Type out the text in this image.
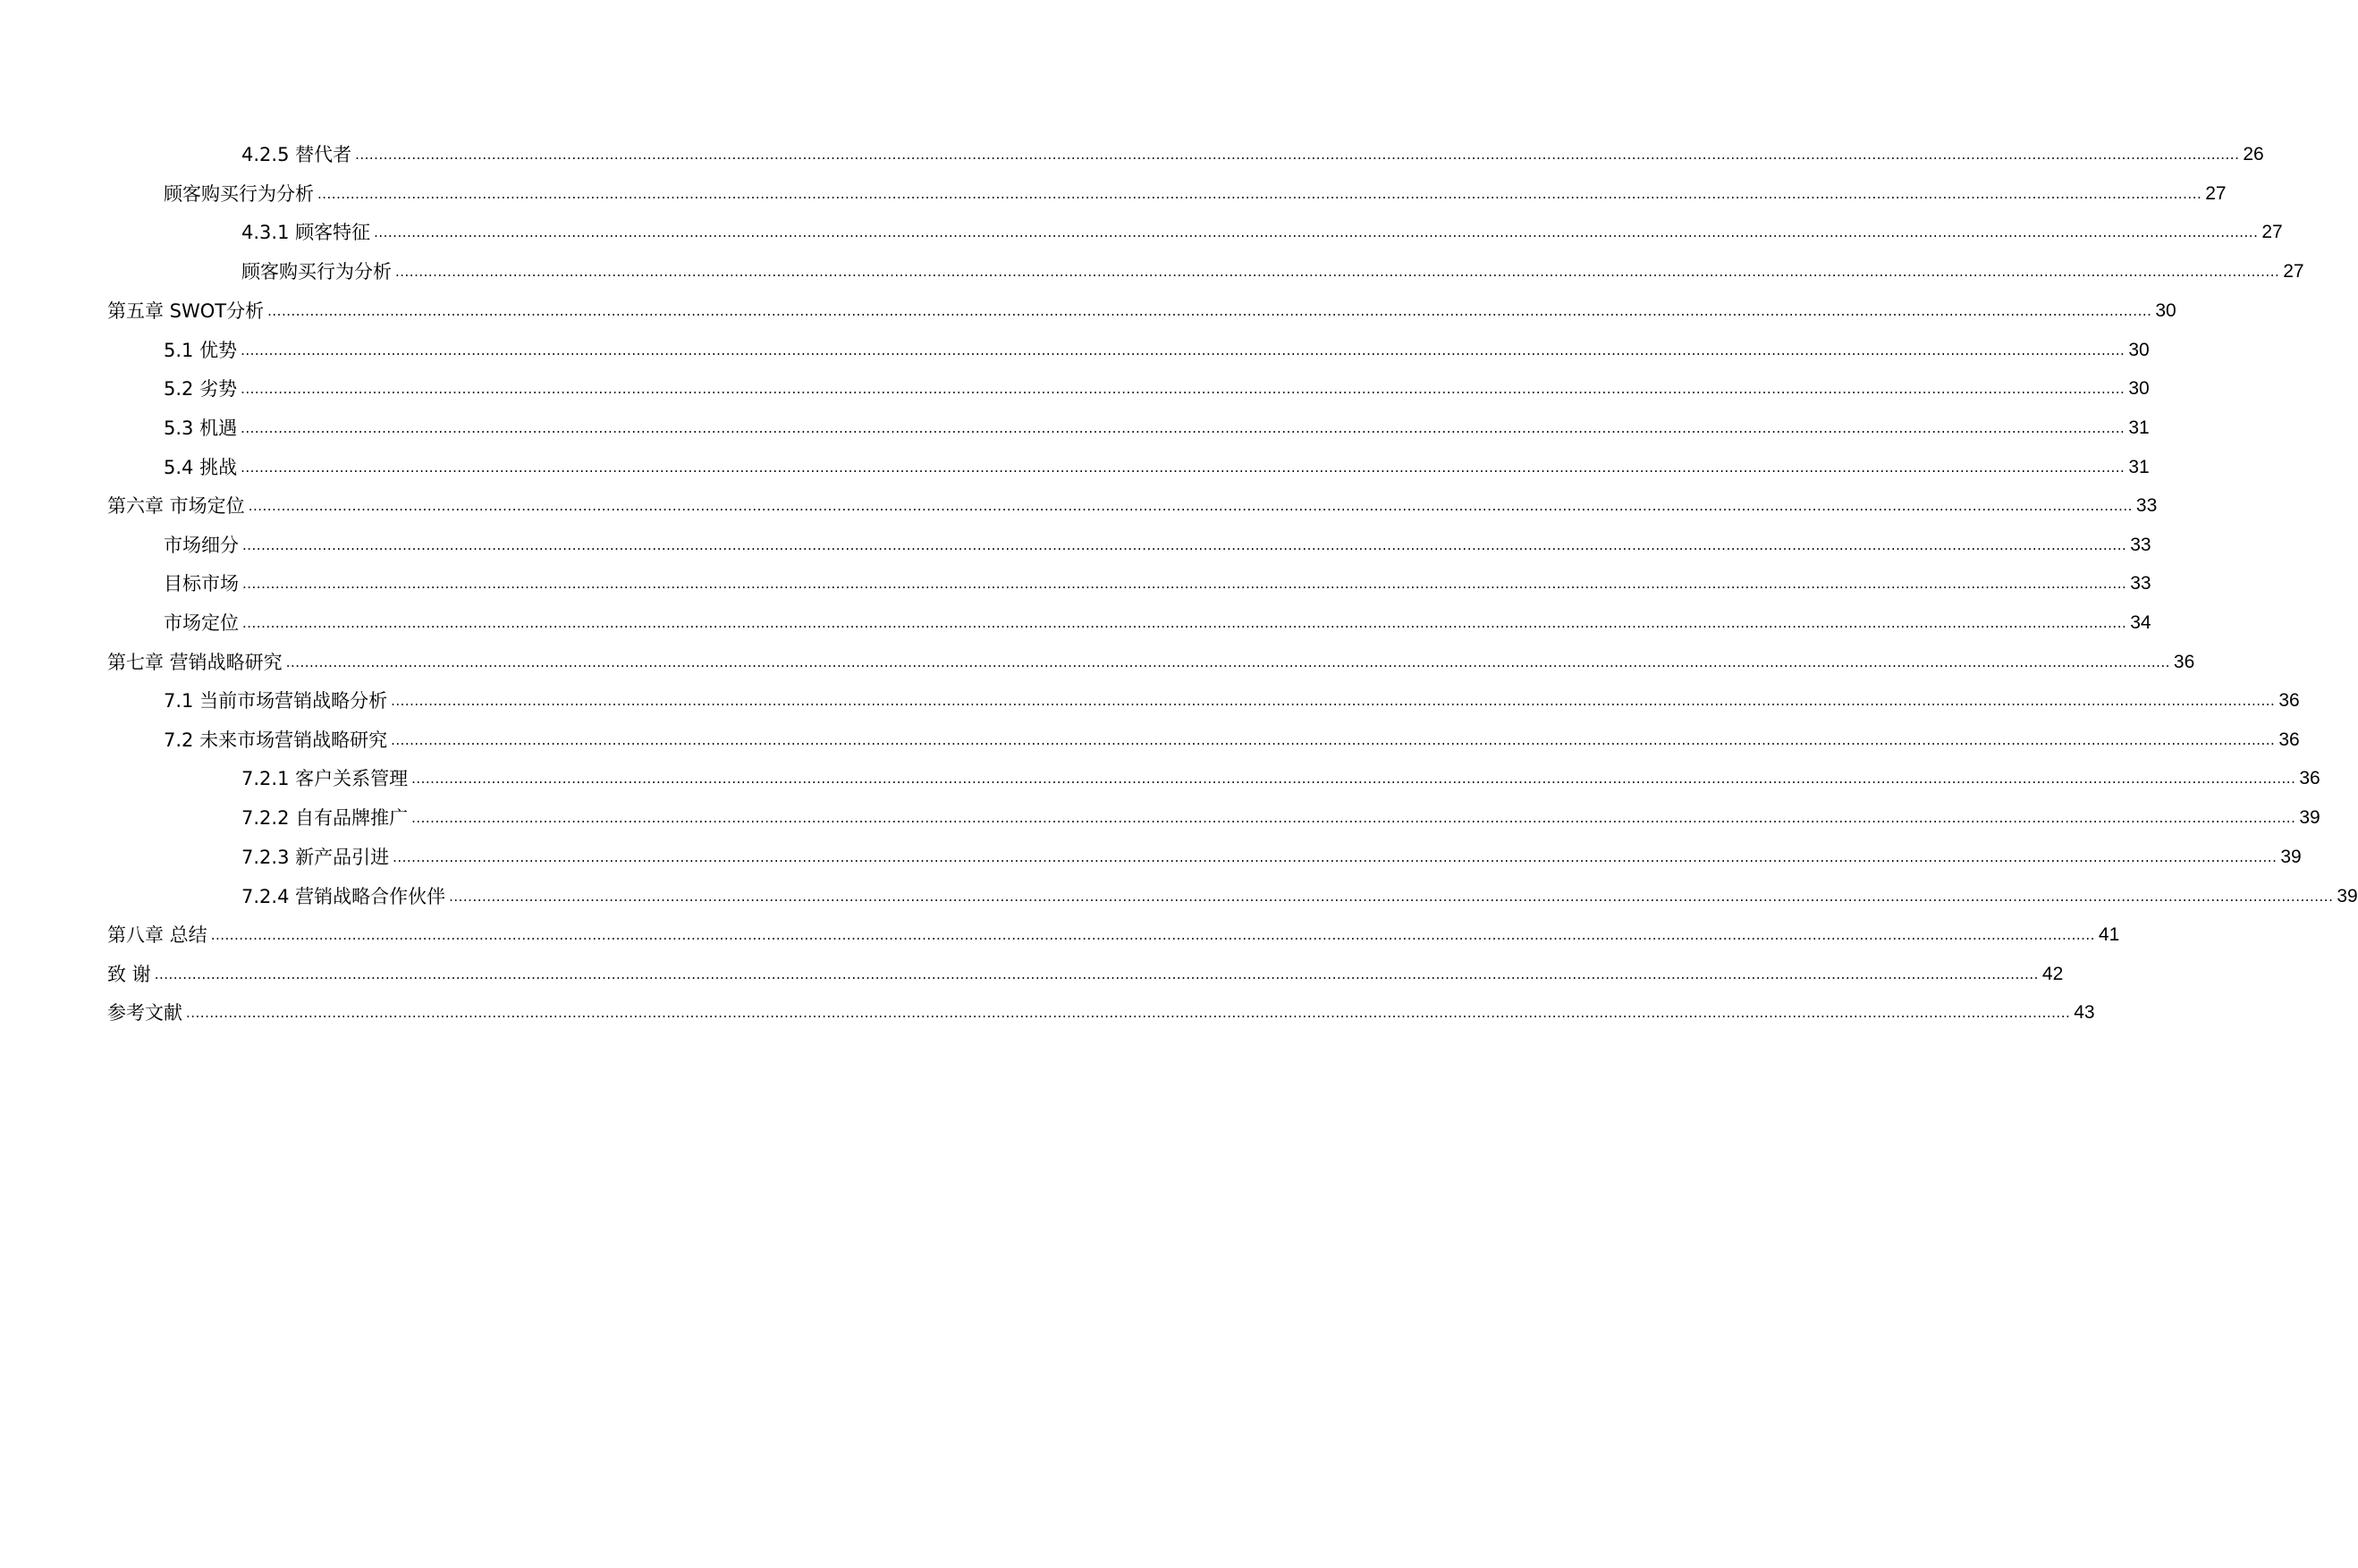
4.2.5 替代者 ................................................................................................................................................................................................................................................................................................................................................................................................................ 26
顾客购买行为分析 ................................................................................................................................................................................................................................................................................................................................................................................................................ 27
4.3.1 顾客特征 ................................................................................................................................................................................................................................................................................................................................................................................................................ 27
顾客购买行为分析 ................................................................................................................................................................................................................................................................................................................................................................................................................ 27
第五章 SWOT分析 ................................................................................................................................................................................................................................................................................................................................................................................................................ 30
5.1 优势 ................................................................................................................................................................................................................................................................................................................................................................................................................ 30
5.2 劣势 ................................................................................................................................................................................................................................................................................................................................................................................................................ 30
5.3 机遇 ................................................................................................................................................................................................................................................................................................................................................................................................................ 31
5.4 挑战 ................................................................................................................................................................................................................................................................................................................................................................................................................ 31
第六章 市场定位 ................................................................................................................................................................................................................................................................................................................................................................................................................ 33
市场细分 ................................................................................................................................................................................................................................................................................................................................................................................................................ 33
目标市场 ................................................................................................................................................................................................................................................................................................................................................................................................................ 33
市场定位 ................................................................................................................................................................................................................................................................................................................................................................................................................ 34
第七章 营销战略研究 ................................................................................................................................................................................................................................................................................................................................................................................................................ 36
7.1 当前市场营销战略分析 ................................................................................................................................................................................................................................................................................................................................................................................................................ 36
7.2 未来市场营销战略研究 ................................................................................................................................................................................................................................................................................................................................................................................................................ 36
7.2.1 客户关系管理 ................................................................................................................................................................................................................................................................................................................................................................................................................ 36
7.2.2 自有品牌推广 ................................................................................................................................................................................................................................................................................................................................................................................................................ 39
7.2.3 新产品引进 ................................................................................................................................................................................................................................................................................................................................................................................................................ 39
7.2.4 营销战略合作伙伴 ................................................................................................................................................................................................................................................................................................................................................................................................................ 39
第八章 总结 ................................................................................................................................................................................................................................................................................................................................................................................................................ 41
致 谢 ................................................................................................................................................................................................................................................................................................................................................................................................................ 42
参考文献 ................................................................................................................................................................................................................................................................................................................................................................................................................ 43
